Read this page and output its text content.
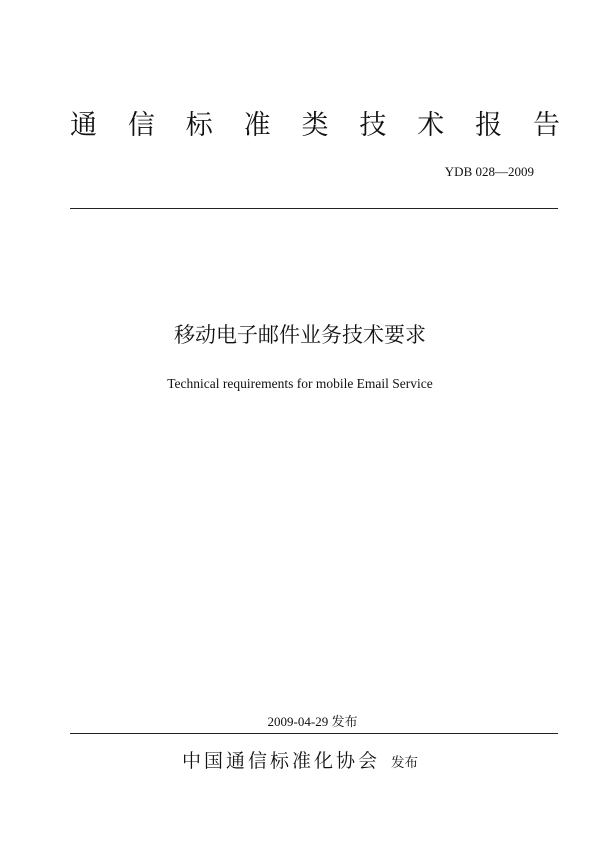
通 信 标 准 类 技 术 报 告
YDB 028—2009
移动电子邮件业务技术要求
Technical requirements for mobile Email Service
2009-04-29 发布
中国通信标准化协会 发布
